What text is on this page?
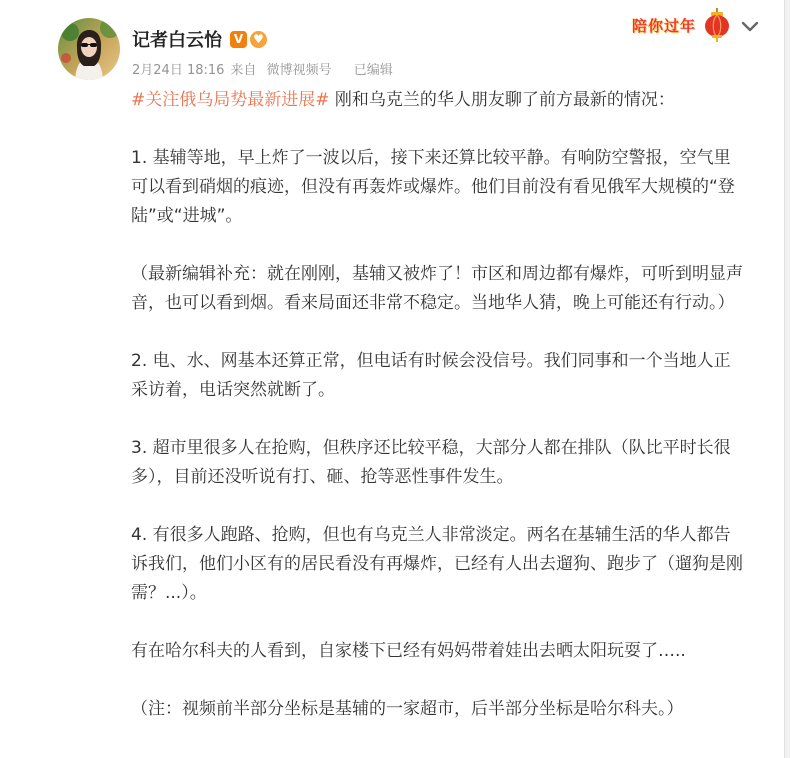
记者白云怡 V ♥
2月24日 18:16 来自 微博视频号 已编辑
陪你过年

#关注俄乌局势最新进展# 刚和乌克兰的华人朋友聊了前方最新的情况：

1. 基辅等地，早上炸了一波以后，接下来还算比较平静。有响防空警报，空气里可以看到硝烟的痕迹，但没有再轰炸或爆炸。他们目前没有看见俄军大规模的“登陆”或“进城”。

（最新编辑补充：就在刚刚，基辅又被炸了！市区和周边都有爆炸，可听到明显声音，也可以看到烟。看来局面还非常不稳定。当地华人猜，晚上可能还有行动。）

2. 电、水、网基本还算正常，但电话有时候会没信号。我们同事和一个当地人正采访着，电话突然就断了。

3. 超市里很多人在抢购，但秩序还比较平稳，大部分人都在排队（队比平时长很多），目前还没听说有打、砸、抢等恶性事件发生。

4. 有很多人跑路、抢购，但也有乌克兰人非常淡定。两名在基辅生活的华人都告诉我们，他们小区有的居民看没有再爆炸，已经有人出去遛狗、跑步了（遛狗是刚需？...）。

有在哈尔科夫的人看到，自家楼下已经有妈妈带着娃出去晒太阳玩耍了…..

（注：视频前半部分坐标是基辅的一家超市，后半部分坐标是哈尔科夫。）
